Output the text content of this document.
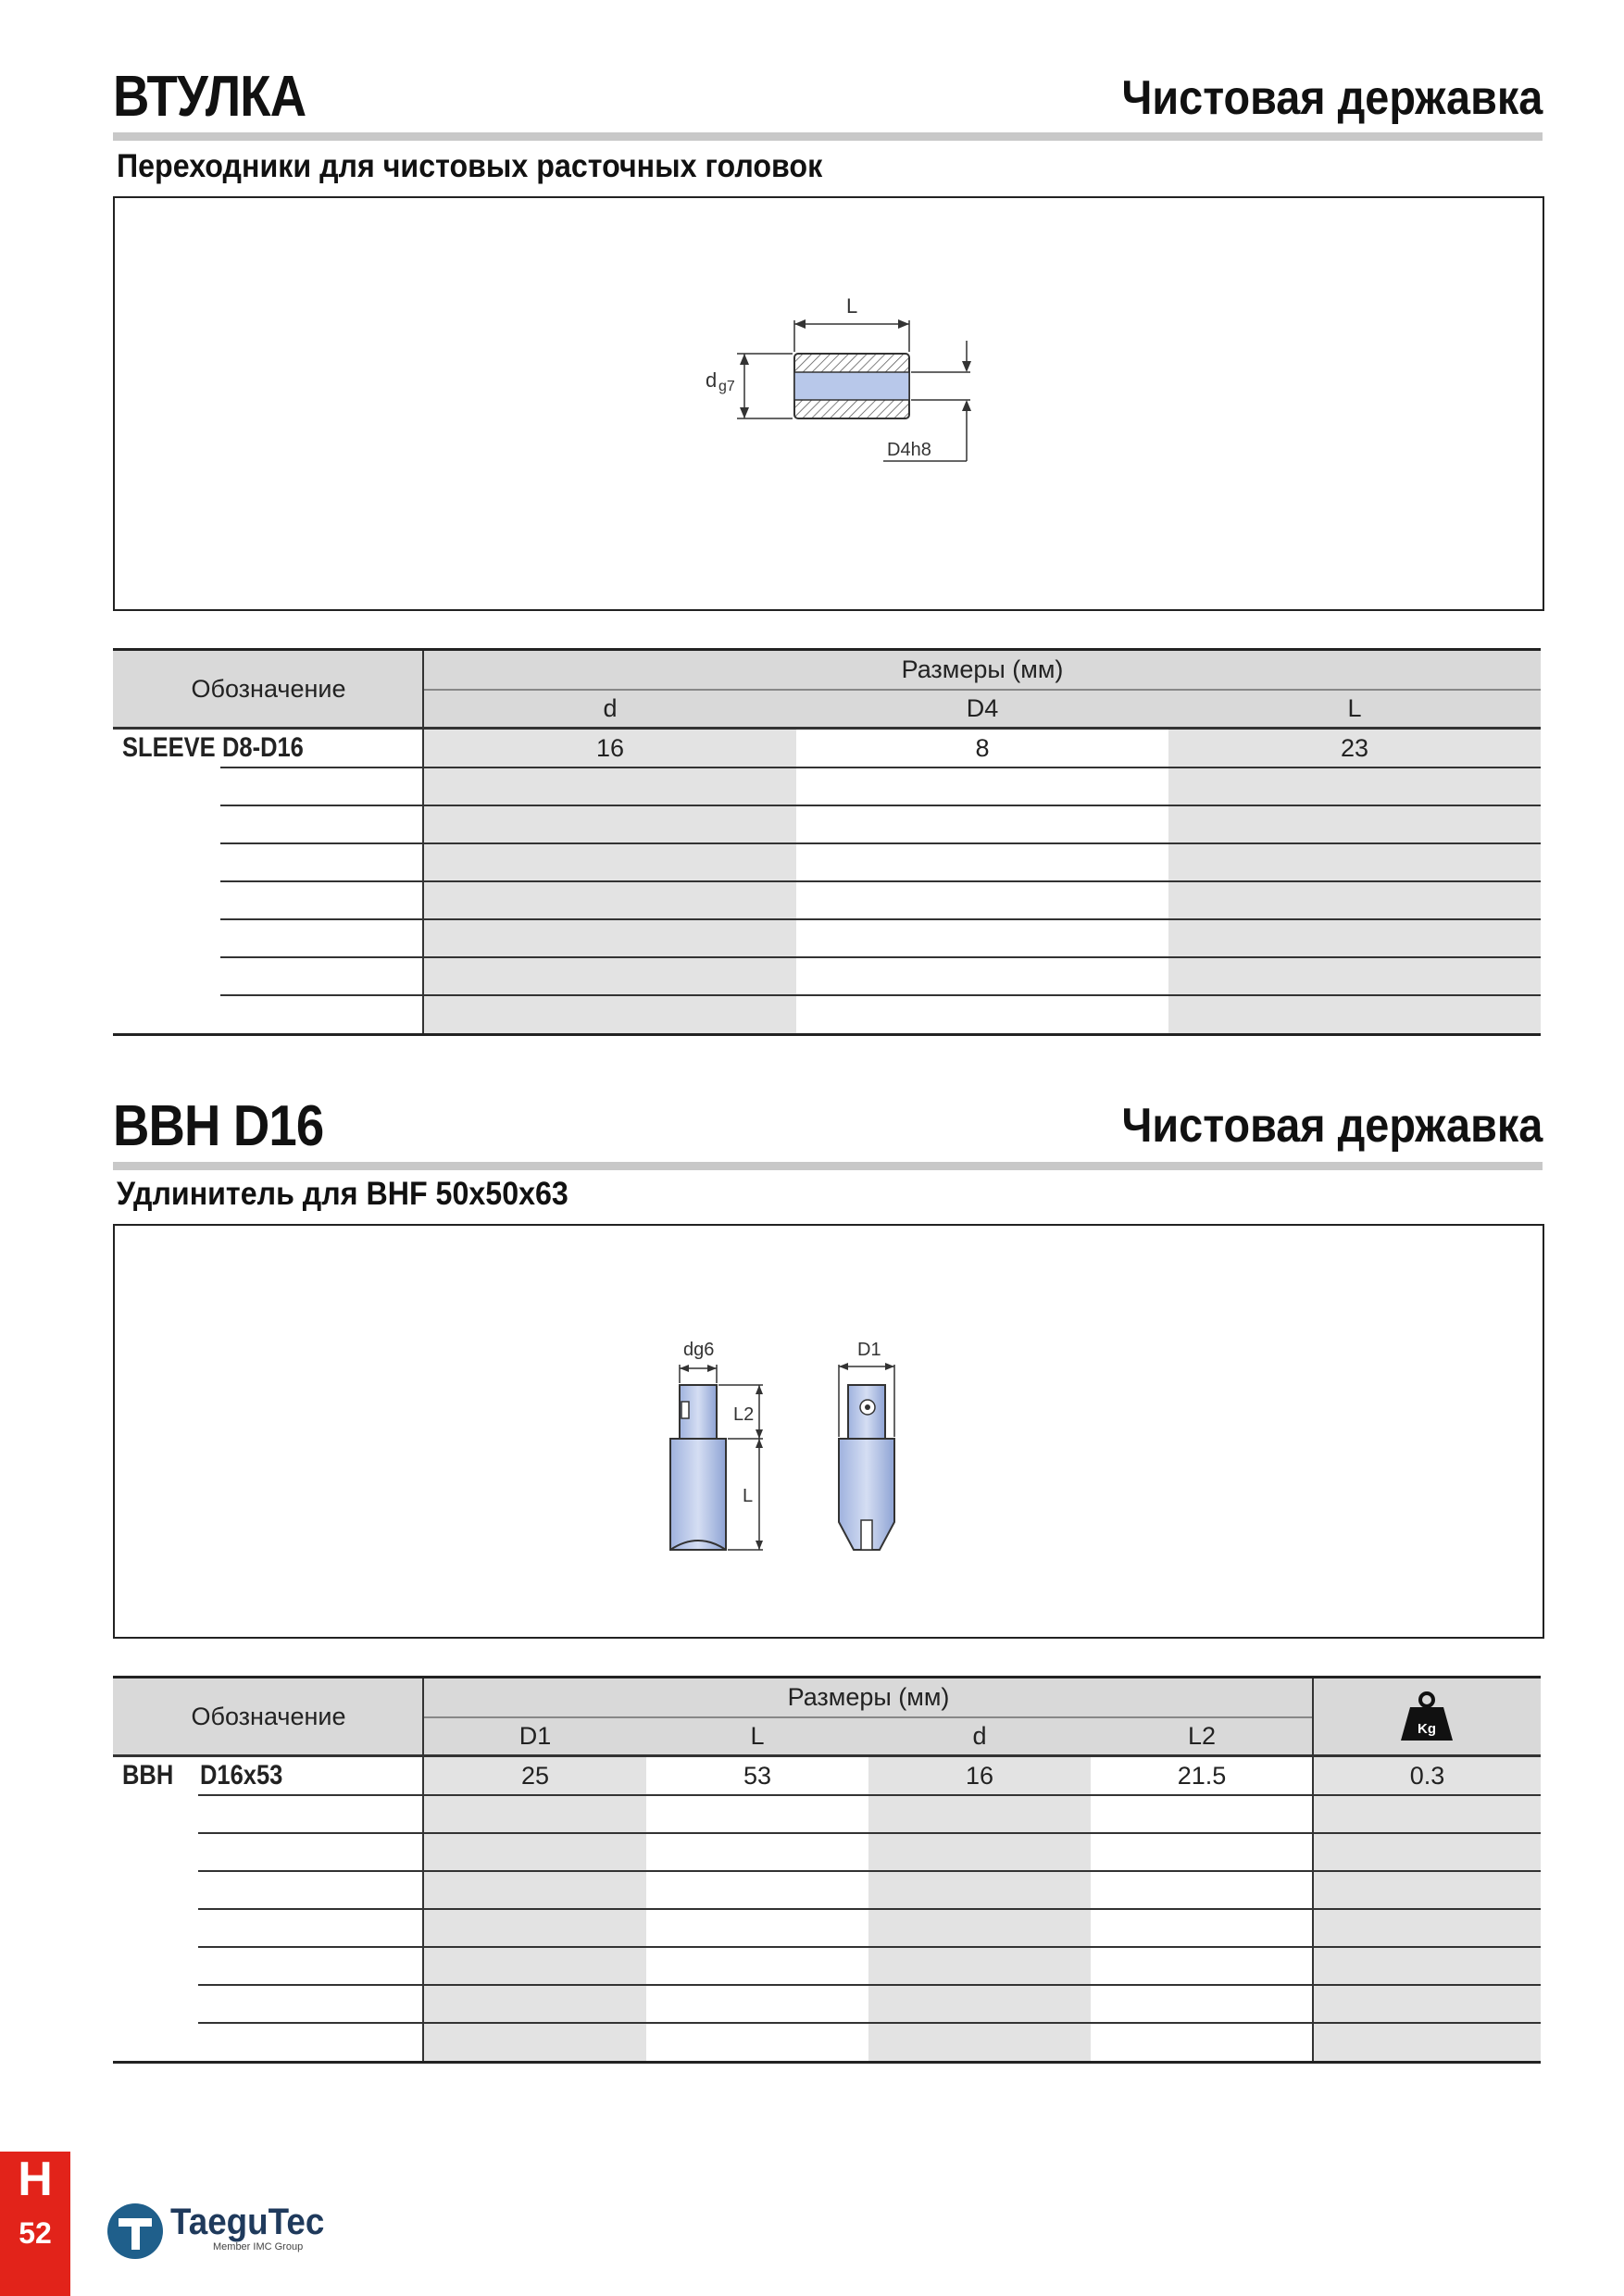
ВТУЛКА	Чистовая державка
Переходники для чистовых расточных головок
L
d g7
D4h8
Обозначение
Размеры (мм)
d	D4	L
SLEEVE D8-D16	16	8	23
BBH D16	Чистовая державка
Удлинитель для BHF 50x50x63
dg6
L2
L
D1
Обозначение
Размеры (мм)
D1	L	d	L2	Kg
BBH D16x53	25	53	16	21.5	0.3
H
52	TaeguTec
Member IMC Group
